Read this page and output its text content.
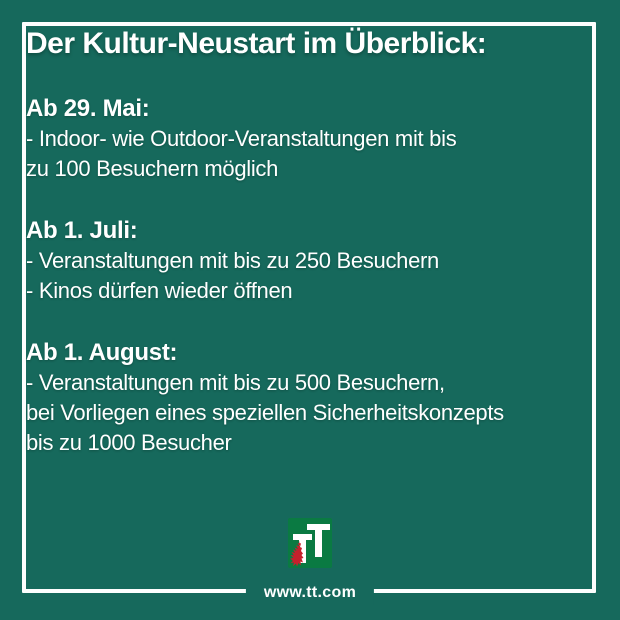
Der Kultur-Neustart im Überblick:
Ab 29. Mai:
- Indoor- wie Outdoor-Veranstaltungen mit bis
zu 100 Besuchern möglich
Ab 1. Juli:
- Veranstaltungen mit bis zu 250 Besuchern
- Kinos dürfen wieder öffnen
Ab 1. August:
- Veranstaltungen mit bis zu 500 Besuchern,
bei Vorliegen eines speziellen Sicherheitskonzepts
bis zu 1000 Besucher
www.tt.com
